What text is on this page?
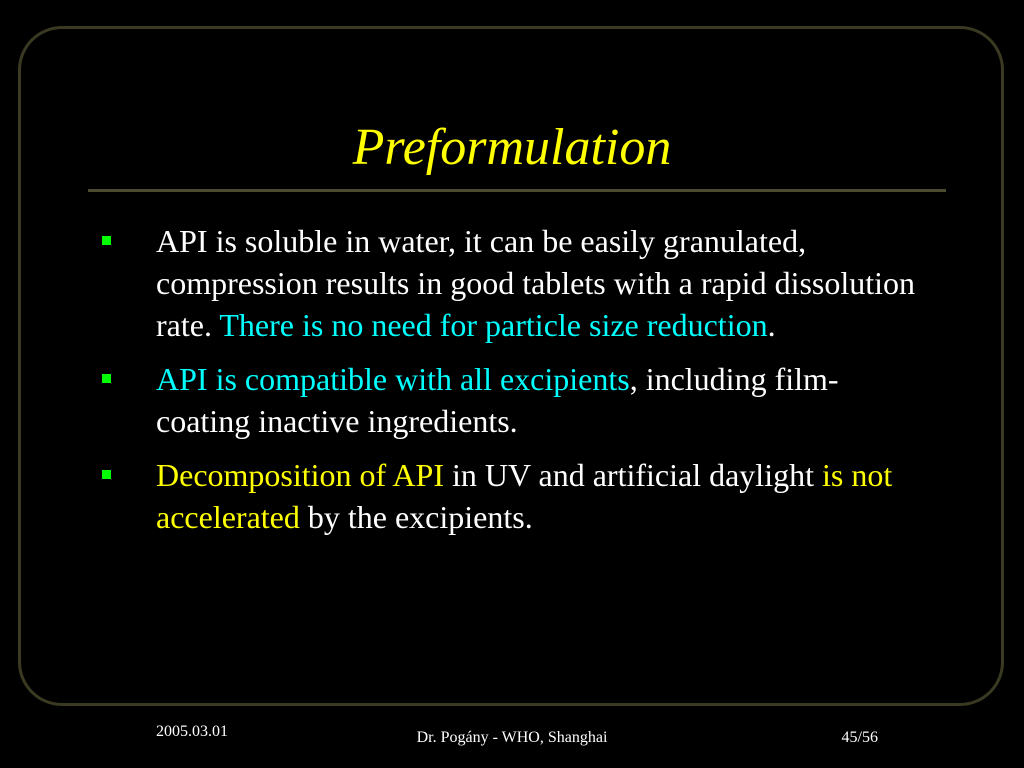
Preformulation
API is soluble in water, it can be easily granulated, compression results in good tablets with a rapid dissolution rate. There is no need for particle size reduction.
API is compatible with all excipients, including film-coating inactive ingredients.
Decomposition of API in UV and artificial daylight is not accelerated by the excipients.
2005.03.01	Dr. Pogány - WHO, Shanghai	45/56
